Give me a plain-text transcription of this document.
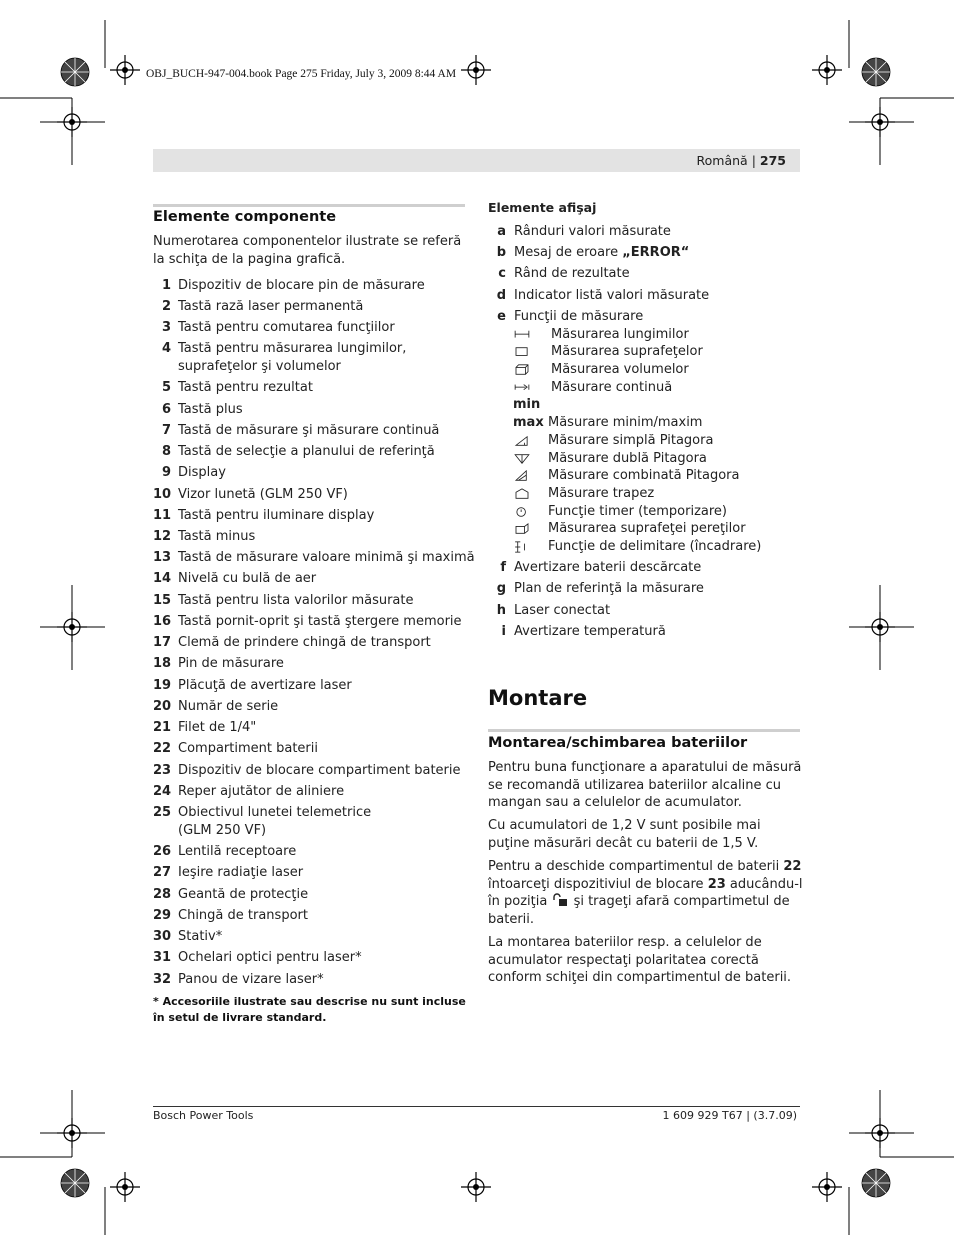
OBJ_BUCH-947-004.book Page 275 Friday, July 3, 2009 8:44 AM
Română | 275
Elemente componente
Numerotarea componentelor ilustrate se referă la schiţa de la pagina grafică.
1 Dispozitiv de blocare pin de măsurare
2 Tastă rază laser permanentă
3 Tastă pentru comutarea funcţiilor
4 Tastă pentru măsurarea lungimilor, suprafeţelor şi volumelor
5 Tastă pentru rezultat
6 Tastă plus
7 Tastă de măsurare şi măsurare continuă
8 Tastă de selecţie a planului de referinţă
9 Display
10 Vizor lunetă (GLM 250 VF)
11 Tastă pentru iluminare display
12 Tastă minus
13 Tastă de măsurare valoare minimă şi maximă
14 Nivelă cu bulă de aer
15 Tastă pentru lista valorilor măsurate
16 Tastă pornit-oprit şi tastă ştergere memorie
17 Clemă de prindere chingă de transport
18 Pin de măsurare
19 Plăcuţă de avertizare laser
20 Număr de serie
21 Filet de 1/4"
22 Compartiment baterii
23 Dispozitiv de blocare compartiment baterie
24 Reper ajutător de aliniere
25 Obiectivul lunetei telemetrice (GLM 250 VF)
26 Lentilă receptoare
27 Ieşire radiaţie laser
28 Geantă de protecţie
29 Chingă de transport
30 Stativ*
31 Ochelari optici pentru laser*
32 Panou de vizare laser*
* Accesoriile ilustrate sau descrise nu sunt incluse în setul de livrare standard.
Elemente afişaj
a Rânduri valori măsurate
b Mesaj de eroare „ERROR“
c Rând de rezultate
d Indicator listă valori măsurate
e Funcţii de măsurare
Măsurarea lungimilor
Măsurarea suprafeţelor
Măsurarea volumelor
Măsurare continuă
min
max Măsurare minim/maxim
Măsurare simplă Pitagora
Măsurare dublă Pitagora
Măsurare combinată Pitagora
Măsurare trapez
Funcţie timer (temporizare)
Măsurarea suprafeţei pereţilor
Funcţie de delimitare (încadrare)
f Avertizare baterii descărcate
g Plan de referinţă la măsurare
h Laser conectat
i Avertizare temperatură
Montare
Montarea/schimbarea bateriilor
Pentru buna funcţionare a aparatului de măsură se recomandă utilizarea bateriilor alcaline cu mangan sau a celulelor de acumulator.
Cu acumulatori de 1,2 V sunt posibile mai puţine măsurări decât cu baterii de 1,5 V.
Pentru a deschide compartimentul de baterii 22 întoarceţi dispozitiviul de blocare 23 aducându-l în poziţia  şi trageţi afară compartimetul de baterii.
La montarea bateriilor resp. a celulelor de acumulator respectaţi polaritatea corectă conform schiţei din compartimentul de baterii.
Bosch Power Tools	1 609 929 T67 | (3.7.09)
